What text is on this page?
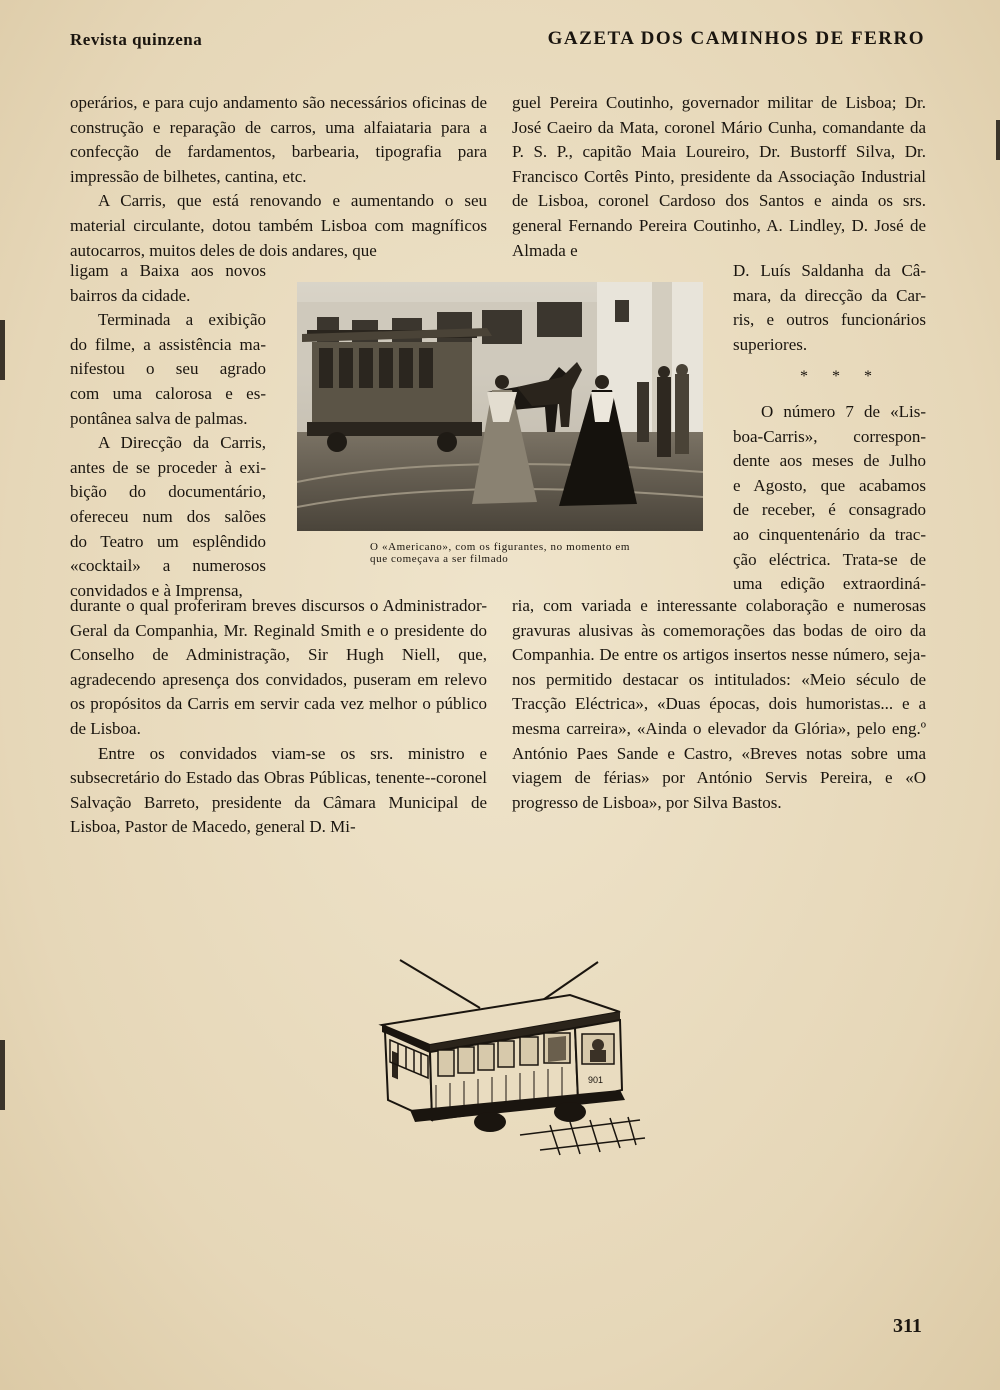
Revista quinzena	GAZETA DOS CAMINHOS DE FERRO

operários, e para cujo andamento são necessários oficinas de construção e reparação de carros, uma alfaiataria para a confecção de fardamentos, barbearia, tipografia para impressão de bilhetes, cantina, etc.

A Carris, que está renovando e aumentando o seu material circulante, dotou também Lisboa com magníficos autocarros, muitos deles de dois andares, que

ligam a Baixa aos novos

bairros da cidade.

Terminada a exibição

do filme, a assistência ma-

nifestou o seu agrado

com uma calorosa e es-

pontânea salva de palmas.

A Direcção da Carris,

antes de se proceder à exi-

bição do documentário,

ofereceu num dos salões

do Teatro um esplêndido

«cocktail» a numerosos

convidados e à Imprensa,

durante o qual proferiram breves discursos o Administrador-Geral da Companhia, Mr. Reginald Smith e o presidente do Conselho de Administração, Sir Hugh Niell, que, agradecendo apresença dos convidados, puseram em relevo os propósitos da Carris em servir cada vez melhor o público de Lisboa.

Entre os convidados viam-se os srs. ministro e subsecretário do Estado das Obras Públicas, tenente--coronel Salvação Barreto, presidente da Câmara Municipal de Lisboa, Pastor de Macedo, general D. Mi-

guel Pereira Coutinho, governador militar de Lisboa; Dr. José Caeiro da Mata, coronel Mário Cunha, comandante da P. S. P., capitão Maia Loureiro, Dr. Bustorff Silva, Dr. Francisco Cortês Pinto, presidente da Associação Industrial de Lisboa, coronel Cardoso dos Santos e ainda os srs. general Fernando Pereira Coutinho, A. Lindley, D. José de Almada e

D. Luís Saldanha da Câ-

mara, da direcção da Car-

ris, e outros funcionários

superiores.

* * *

O número 7 de «Lis-

boa-Carris», correspon-

dente aos meses de Julho

e Agosto, que acabamos

de receber, é consagrado

ao cinquentenário da trac-

ção eléctrica. Trata-se de

uma edição extraordiná-

ria, com variada e interessante colaboração e numerosas gravuras alusivas às comemorações das bodas de oiro da Companhia. De entre os artigos insertos nesse número, seja-nos permitido destacar os intitulados: «Meio século de Tracção Eléctrica», «Duas épocas, dois humoristas... e a mesma carreira», «Ainda o elevador da Glória», pelo eng.º António Paes Sande e Castro, «Breves notas sobre uma viagem de férias» por António Servis Pereira, e «O progresso de Lisboa», por Silva Bastos.

O «Americano», com os figurantes, no momento em que começava a ser filmado
901
311
